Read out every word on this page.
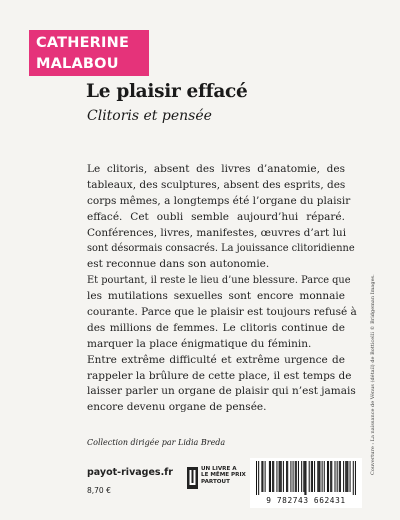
CATHERINE
MALABOU
Le plaisir effacé
Clitoris et pensée
Le clitoris, absent des livres d’anatomie, des
tableaux, des sculptures, absent des esprits, des
corps mêmes, a longtemps été l’organe du plaisir
effacé. Cet oubli semble aujourd’hui réparé.
Conférences, livres, manifestes, œuvres d’art lui
sont désormais consacrés. La jouissance clitoridienne
est reconnue dans son autonomie.
Et pourtant, il reste le lieu d’une blessure. Parce que
les mutilations sexuelles sont encore monnaie
courante. Parce que le plaisir est toujours refusé à
des millions de femmes. Le clitoris continue de
marquer la place énigmatique du féminin.
Entre extrême difficulté et extrême urgence de
rappeler la brûlure de cette place, il est temps de
laisser parler un organe de plaisir qui n’est jamais
encore devenu organe de pensée.
Collection dirigée par Lidia Breda
payot-rivages.fr
8,70 €
UN LIVRE A
LE MÊME PRIX
PARTOUT
9 782743 662431
Couverture : La naissance de Vénus (détail) de Botticelli © Bridgeman Images.
